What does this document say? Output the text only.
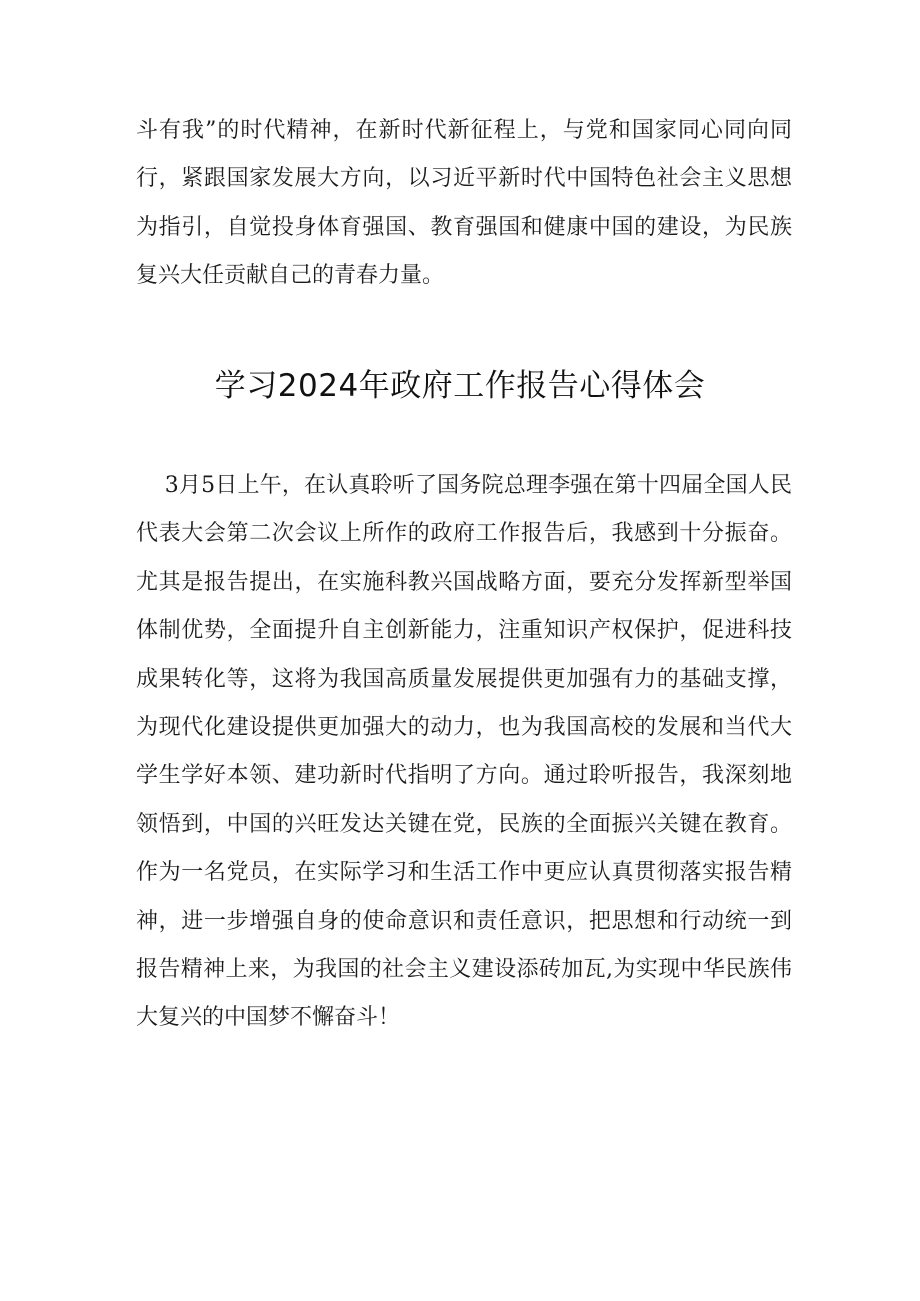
斗有我”的时代精神，在新时代新征程上，与党和国家同心同向同行，紧跟国家发展大方向，以习近平新时代中国特色社会主义思想为指引，自觉投身体育强国、教育强国和健康中国的建设，为民族复兴大任贡献自己的青春力量。

学习2024年政府工作报告心得体会

3月5日上午，在认真聆听了国务院总理李强在第十四届全国人民代表大会第二次会议上所作的政府工作报告后，我感到十分振奋。尤其是报告提出，在实施科教兴国战略方面，要充分发挥新型举国体制优势，全面提升自主创新能力，注重知识产权保护，促进科技成果转化等，这将为我国高质量发展提供更加强有力的基础支撑，为现代化建设提供更加强大的动力，也为我国高校的发展和当代大学生学好本领、建功新时代指明了方向。通过聆听报告，我深刻地领悟到，中国的兴旺发达关键在党，民族的全面振兴关键在教育。作为一名党员，在实际学习和生活工作中更应认真贯彻落实报告精神，进一步增强自身的使命意识和责任意识，把思想和行动统一到报告精神上来，为我国的社会主义建设添砖加瓦,为实现中华民族伟大复兴的中国梦不懈奋斗！
